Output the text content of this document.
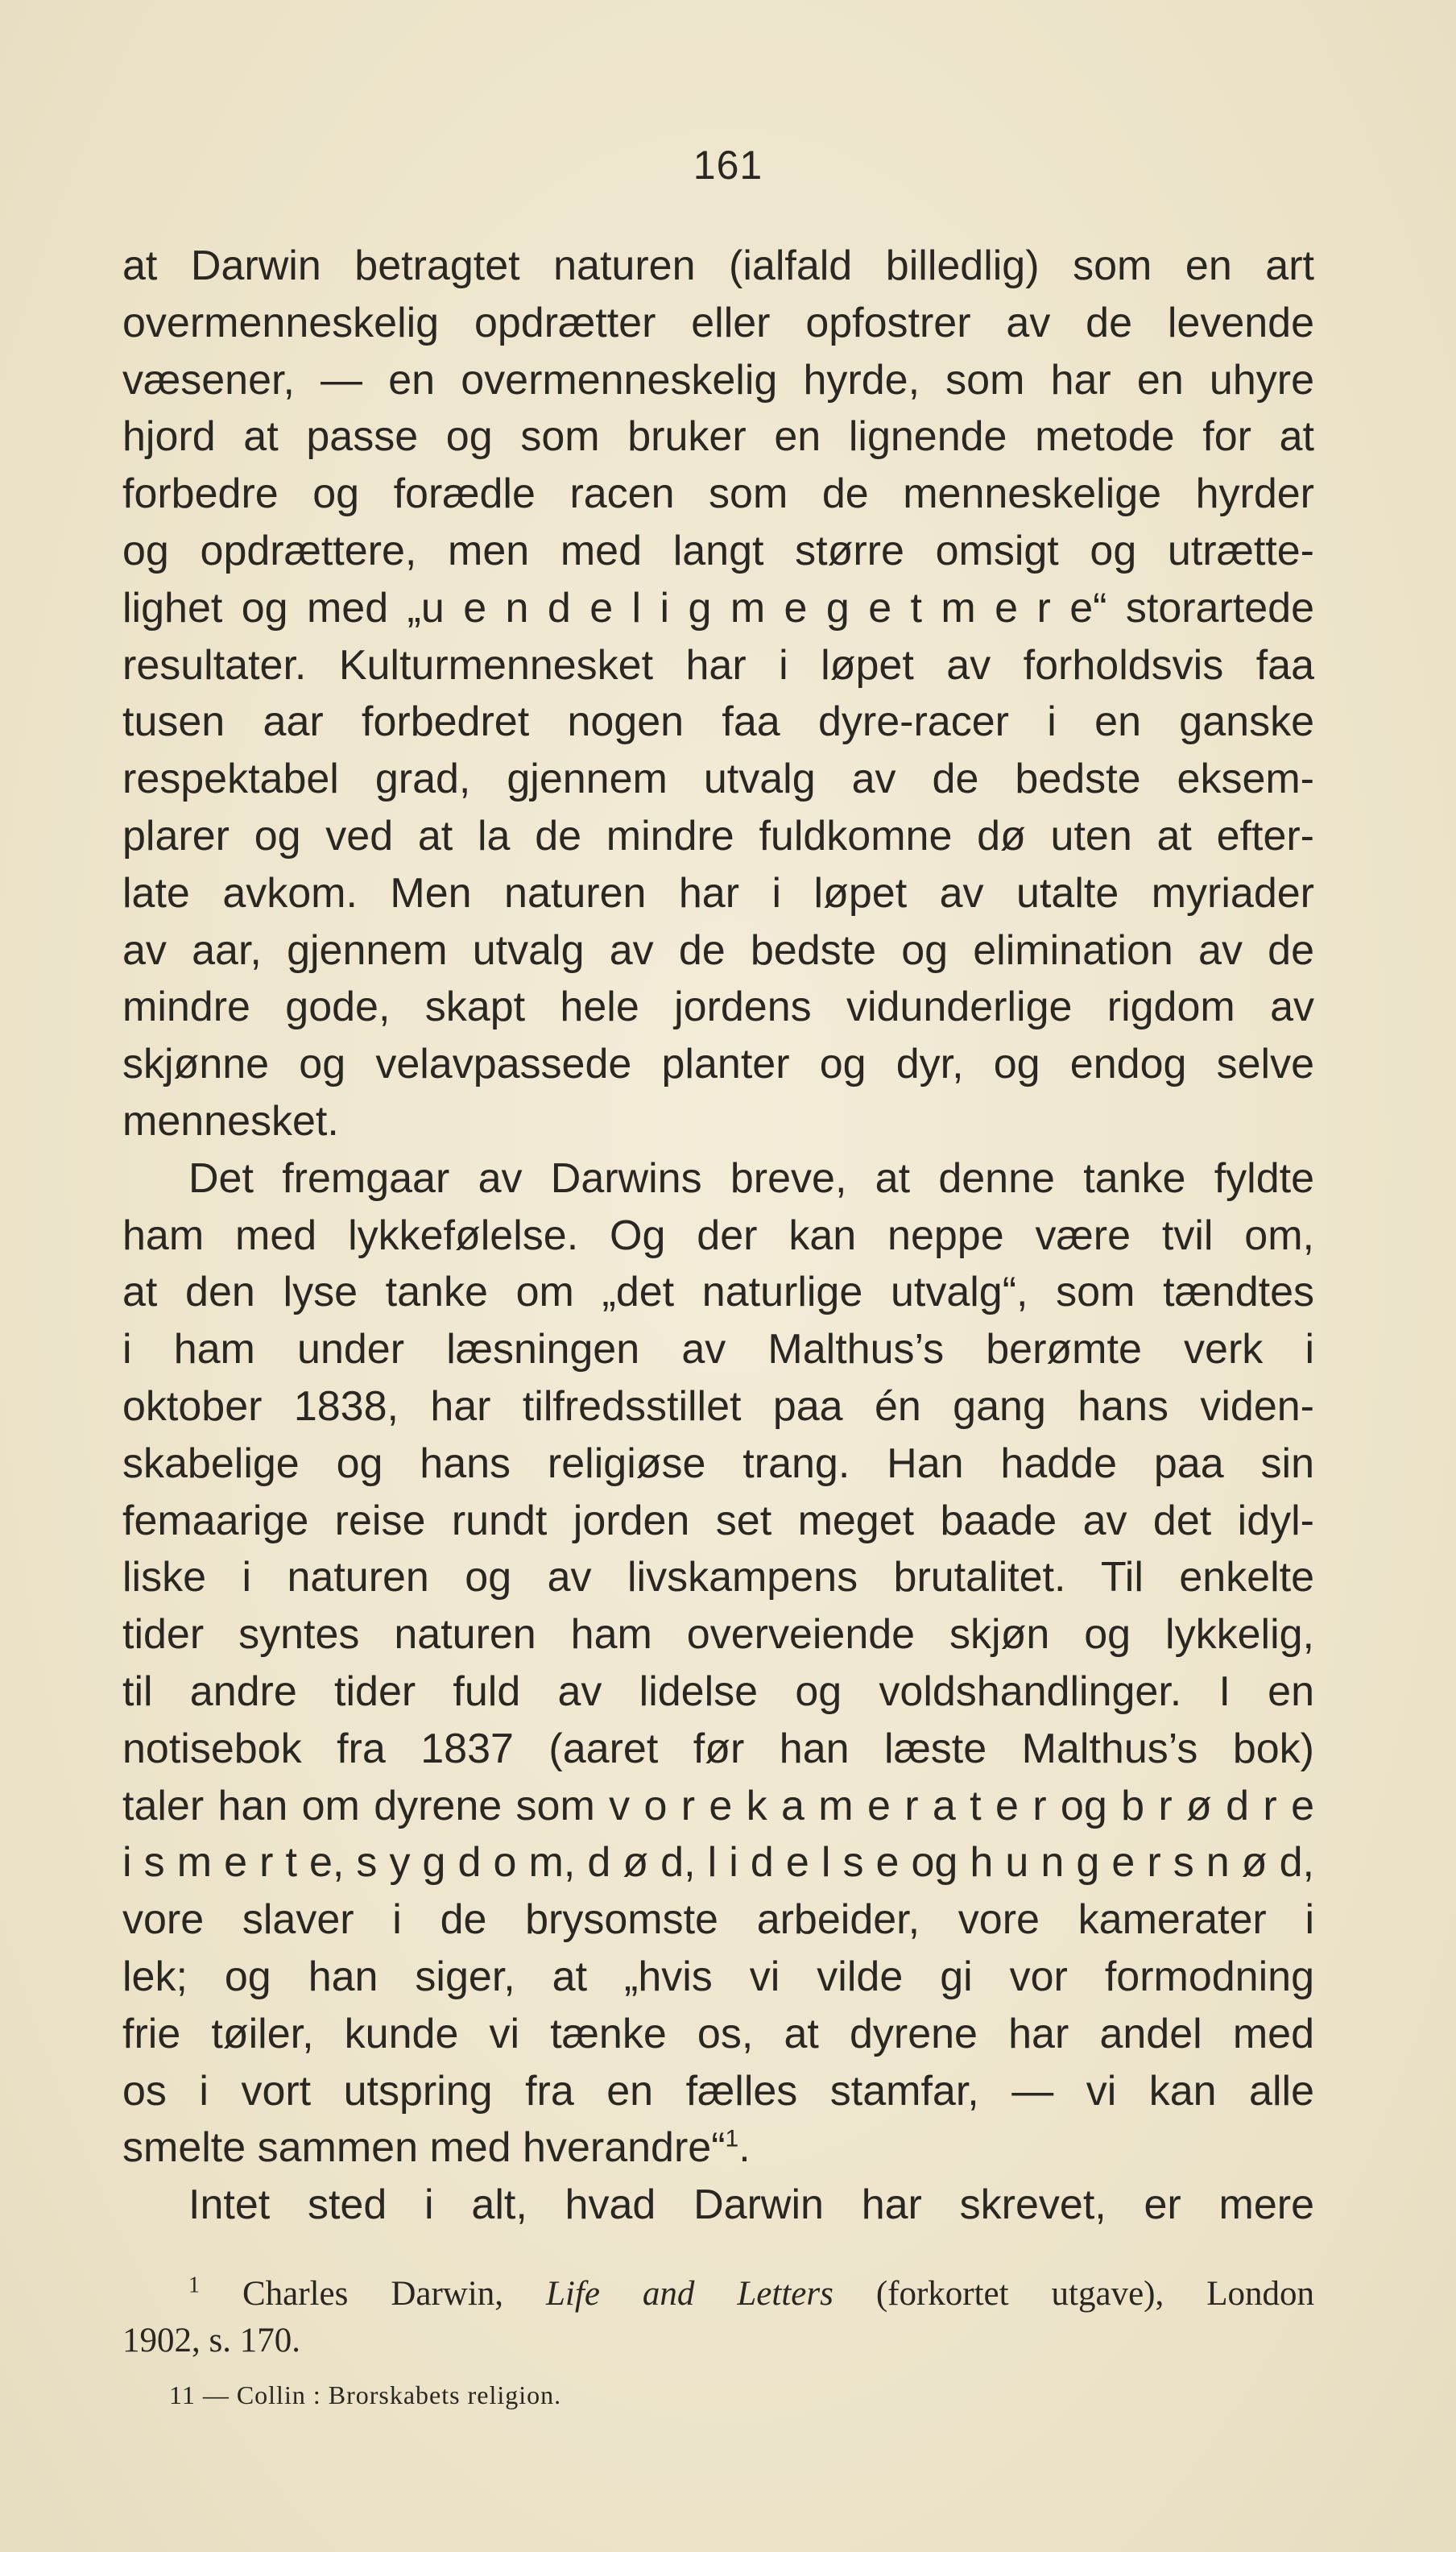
161
at Darwin betragtet naturen (ialfald billedlig) som en art
overmenneskelig opdrætter eller opfostrer av de levende
væsener, — en overmenneskelig hyrde, som har en uhyre
hjord at passe og som bruker en lignende metode for at
forbedre og forædle racen som de menneskelige hyrder
og opdrættere, men med langt større omsigt og utrætte-
lighet og med „u e n d e l i g m e g e t m e r e“ storartede
resultater. Kulturmennesket har i løpet av forholdsvis faa
tusen aar forbedret nogen faa dyre-racer i en ganske
respektabel grad, gjennem utvalg av de bedste eksem-
plarer og ved at la de mindre fuldkomne dø uten at efter-
late avkom. Men naturen har i løpet av utalte myriader
av aar, gjennem utvalg av de bedste og elimination av de
mindre gode, skapt hele jordens vidunderlige rigdom av
skjønne og velavpassede planter og dyr, og endog selve
mennesket.
Det fremgaar av Darwins breve, at denne tanke fyldte
ham med lykkefølelse. Og der kan neppe være tvil om,
at den lyse tanke om „det naturlige utvalg“, som tændtes
i ham under læsningen av Malthus’s berømte verk i
oktober 1838, har tilfredsstillet paa én gang hans viden-
skabelige og hans religiøse trang. Han hadde paa sin
femaarige reise rundt jorden set meget baade av det idyl-
liske i naturen og av livskampens brutalitet. Til enkelte
tider syntes naturen ham overveiende skjøn og lykkelig,
til andre tider fuld av lidelse og voldshandlinger. I en
notisebok fra 1837 (aaret før han læste Malthus’s bok)
taler han om dyrene som v o r e k a m e r a t e r og b r ø d r e
i s m e r t e, s y g d o m, d ø d, l i d e l s e og h u n g e r s n ø d,
vore slaver i de brysomste arbeider, vore kamerater i
lek; og han siger, at „hvis vi vilde gi vor formodning
frie tøiler, kunde vi tænke os, at dyrene har andel med
os i vort utspring fra en fælles stamfar, — vi kan alle
smelte sammen med hverandre“$^1$.
Intet sted i alt, hvad Darwin har skrevet, er mere
$^1$ Charles Darwin, Life and Letters (forkortet utgave), London
1902, s. 170.
11 — Collin : Brorskabets religion.
